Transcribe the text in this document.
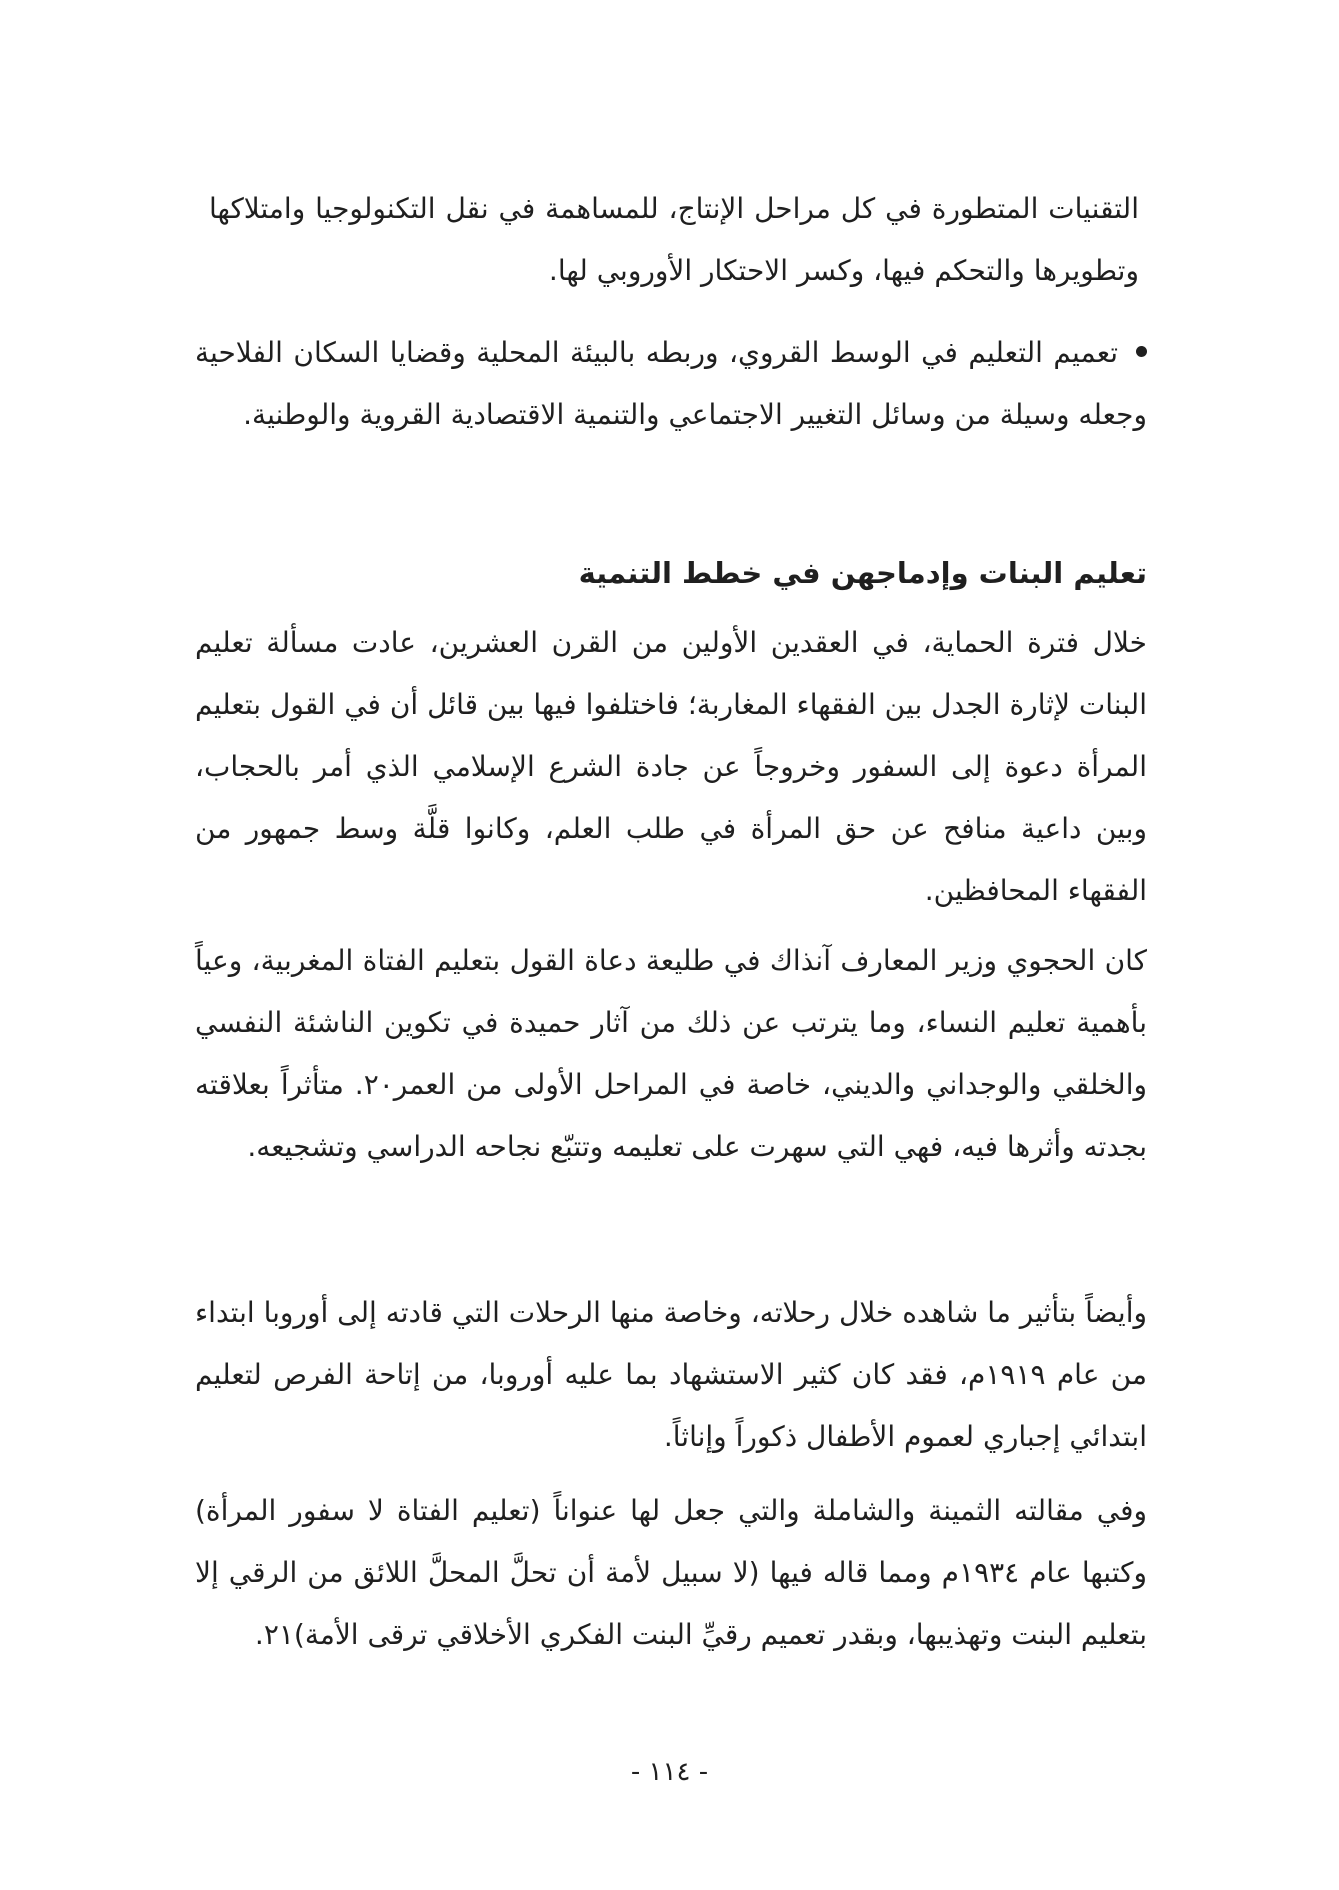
التقنيات المتطورة في كل مراحل الإنتاج، للمساهمة في نقل التكنولوجيا وامتلاكها وتطويرها والتحكم فيها، وكسر الاحتكار الأوروبي لها.

تعميم التعليم في الوسط القروي، وربطه بالبيئة المحلية وقضايا السكان الفلاحية وجعله وسيلة من وسائل التغيير الاجتماعي والتنمية الاقتصادية القروية والوطنية.

تعليم البنات وإدماجهن في خطط التنمية

خلال فترة الحماية، في العقدين الأولين من القرن العشرين، عادت مسألة تعليم البنات لإثارة الجدل بين الفقهاء المغاربة؛ فاختلفوا فيها بين قائل أن في القول بتعليم المرأة دعوة إلى السفور وخروجاً عن جادة الشرع الإسلامي الذي أمر بالحجاب، وبين داعية منافح عن حق المرأة في طلب العلم، وكانوا قلَّة وسط جمهور من الفقهاء المحافظين.

كان الحجوي وزير المعارف آنذاك في طليعة دعاة القول بتعليم الفتاة المغربية، وعياً بأهمية تعليم النساء، وما يترتب عن ذلك من آثار حميدة في تكوين الناشئة النفسي والخلقي والوجداني والديني، خاصة في المراحل الأولى من العمر٢٠. متأثراً بعلاقته بجدته وأثرها فيه، فهي التي سهرت على تعليمه وتتبّع نجاحه الدراسي وتشجيعه.

وأيضاً بتأثير ما شاهده خلال رحلاته، وخاصة منها الرحلات التي قادته إلى أوروبا ابتداء من عام ١٩١٩م، فقد كان كثير الاستشهاد بما عليه أوروبا، من إتاحة الفرص لتعليم ابتدائي إجباري لعموم الأطفال ذكوراً وإناثاً.

وفي مقالته الثمينة والشاملة والتي جعل لها عنواناً (تعليم الفتاة لا سفور المرأة) وكتبها عام ١٩٣٤م ومما قاله فيها (لا سبيل لأمة أن تحلَّ المحلَّ اللائق من الرقي إلا بتعليم البنت وتهذيبها، وبقدر تعميم رقيِّ البنت الفكري الأخلاقي ترقى الأمة)٢١.

- ١١٤ -
